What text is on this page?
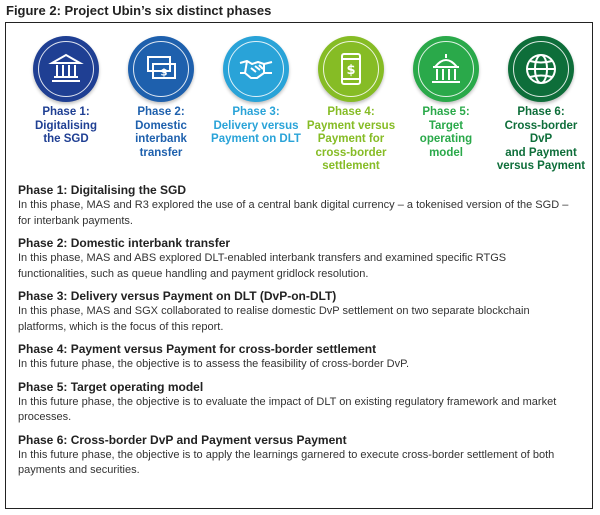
Figure 2: Project Ubin’s six distinct phases
Phase 1:
Digitalising
the SGD
$
Phase 2:
Domestic
interbank
transfer
Phase 3:
Delivery versus
Payment on DLT
$
Phase 4:
Payment versus
Payment for
cross-border
settlement
Phase 5:
Target
operating
model
Phase 6:
Cross-border DvP
and Payment
versus Payment
Phase 1: Digitalising the SGD

In this phase, MAS and R3 explored the use of a central bank digital currency – a tokenised version of the SGD – for interbank payments.

Phase 2: Domestic interbank transfer

In this phase, MAS and ABS explored DLT-enabled interbank transfers and examined specific RTGS functionalities, such as queue handling and payment gridlock resolution.

Phase 3: Delivery versus Payment on DLT (DvP-on-DLT)

In this phase, MAS and SGX collaborated to realise domestic DvP settlement on two separate blockchain platforms, which is the focus of this report.

Phase 4: Payment versus Payment for cross-border settlement

In this future phase, the objective is to assess the feasibility of cross-border DvP.

Phase 5: Target operating model

In this future phase, the objective is to evaluate the impact of DLT on existing regulatory framework and market processes.

Phase 6: Cross-border DvP and Payment versus Payment

In this future phase, the objective is to apply the learnings garnered to execute cross-border settlement of both payments and securities.
